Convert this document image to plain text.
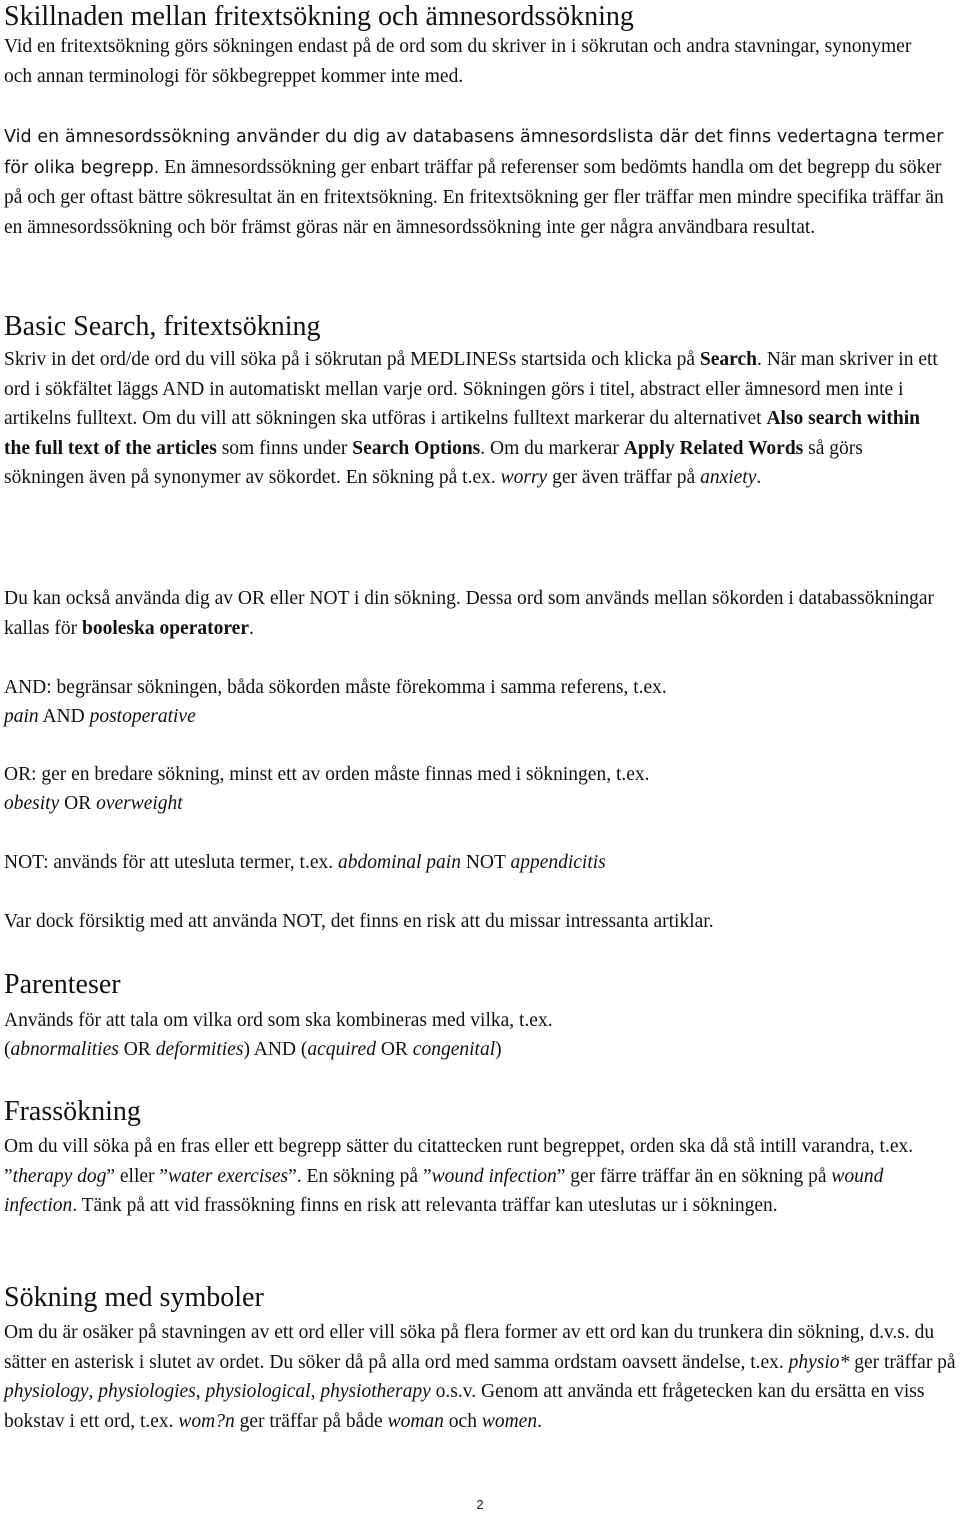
Skillnaden mellan fritextsökning och ämnesordssökning

Vid en fritextsökning görs sökningen endast på de ord som du skriver in i sökrutan och andra stavningar, synonymer och annan terminologi för sökbegreppet kommer inte med.

Vid en ämnesordssökning använder du dig av databasens ämnesordslista där det finns vedertagna termer för olika begrepp. En ämnesordssökning ger enbart träffar på referenser som bedömts handla om det begrepp du söker på och ger oftast bättre sökresultat än en fritextsökning. En fritextsökning ger fler träffar men mindre specifika träffar än en ämnesordssökning och bör främst göras när en ämnesordssökning inte ger några användbara resultat.

Basic Search, fritextsökning

Skriv in det ord/de ord du vill söka på i sökrutan på MEDLINESs startsida och klicka på Search. När man skriver in ett ord i sökfältet läggs AND in automatiskt mellan varje ord. Sökningen görs i titel, abstract eller ämnesord men inte i artikelns fulltext. Om du vill att sökningen ska utföras i artikelns fulltext markerar du alternativet Also search within the full text of the articles som finns under Search Options. Om du markerar Apply Related Words så görs sökningen även på synonymer av sökordet. En sökning på t.ex. worry ger även träffar på anxiety.

Du kan också använda dig av OR eller NOT i din sökning. Dessa ord som används mellan sökorden i databassökningar kallas för booleska operatorer.

AND: begränsar sökningen, båda sökorden måste förekomma i samma referens, t.ex.

pain AND postoperative

OR: ger en bredare sökning, minst ett av orden måste finnas med i sökningen, t.ex.

obesity OR overweight

NOT: används för att utesluta termer, t.ex. abdominal pain NOT appendicitis

Var dock försiktig med att använda NOT, det finns en risk att du missar intressanta artiklar.

Parenteser

Används för att tala om vilka ord som ska kombineras med vilka, t.ex.

(abnormalities OR deformities) AND (acquired OR congenital)

Frassökning

Om du vill söka på en fras eller ett begrepp sätter du citattecken runt begreppet, orden ska då stå intill varandra, t.ex. ”therapy dog” eller ”water exercises”. En sökning på ”wound infection” ger färre träffar än en sökning på wound infection. Tänk på att vid frassökning finns en risk att relevanta träffar kan uteslutas ur i sökningen.

Sökning med symboler

Om du är osäker på stavningen av ett ord eller vill söka på flera former av ett ord kan du trunkera din sökning, d.v.s. du sätter en asterisk i slutet av ordet. Du söker då på alla ord med samma ordstam oavsett ändelse, t.ex. physio* ger träffar på physiology, physiologies, physiological, physiotherapy o.s.v. Genom att använda ett frågetecken kan du ersätta en viss bokstav i ett ord, t.ex. wom?n ger träffar på både woman och women.

2
